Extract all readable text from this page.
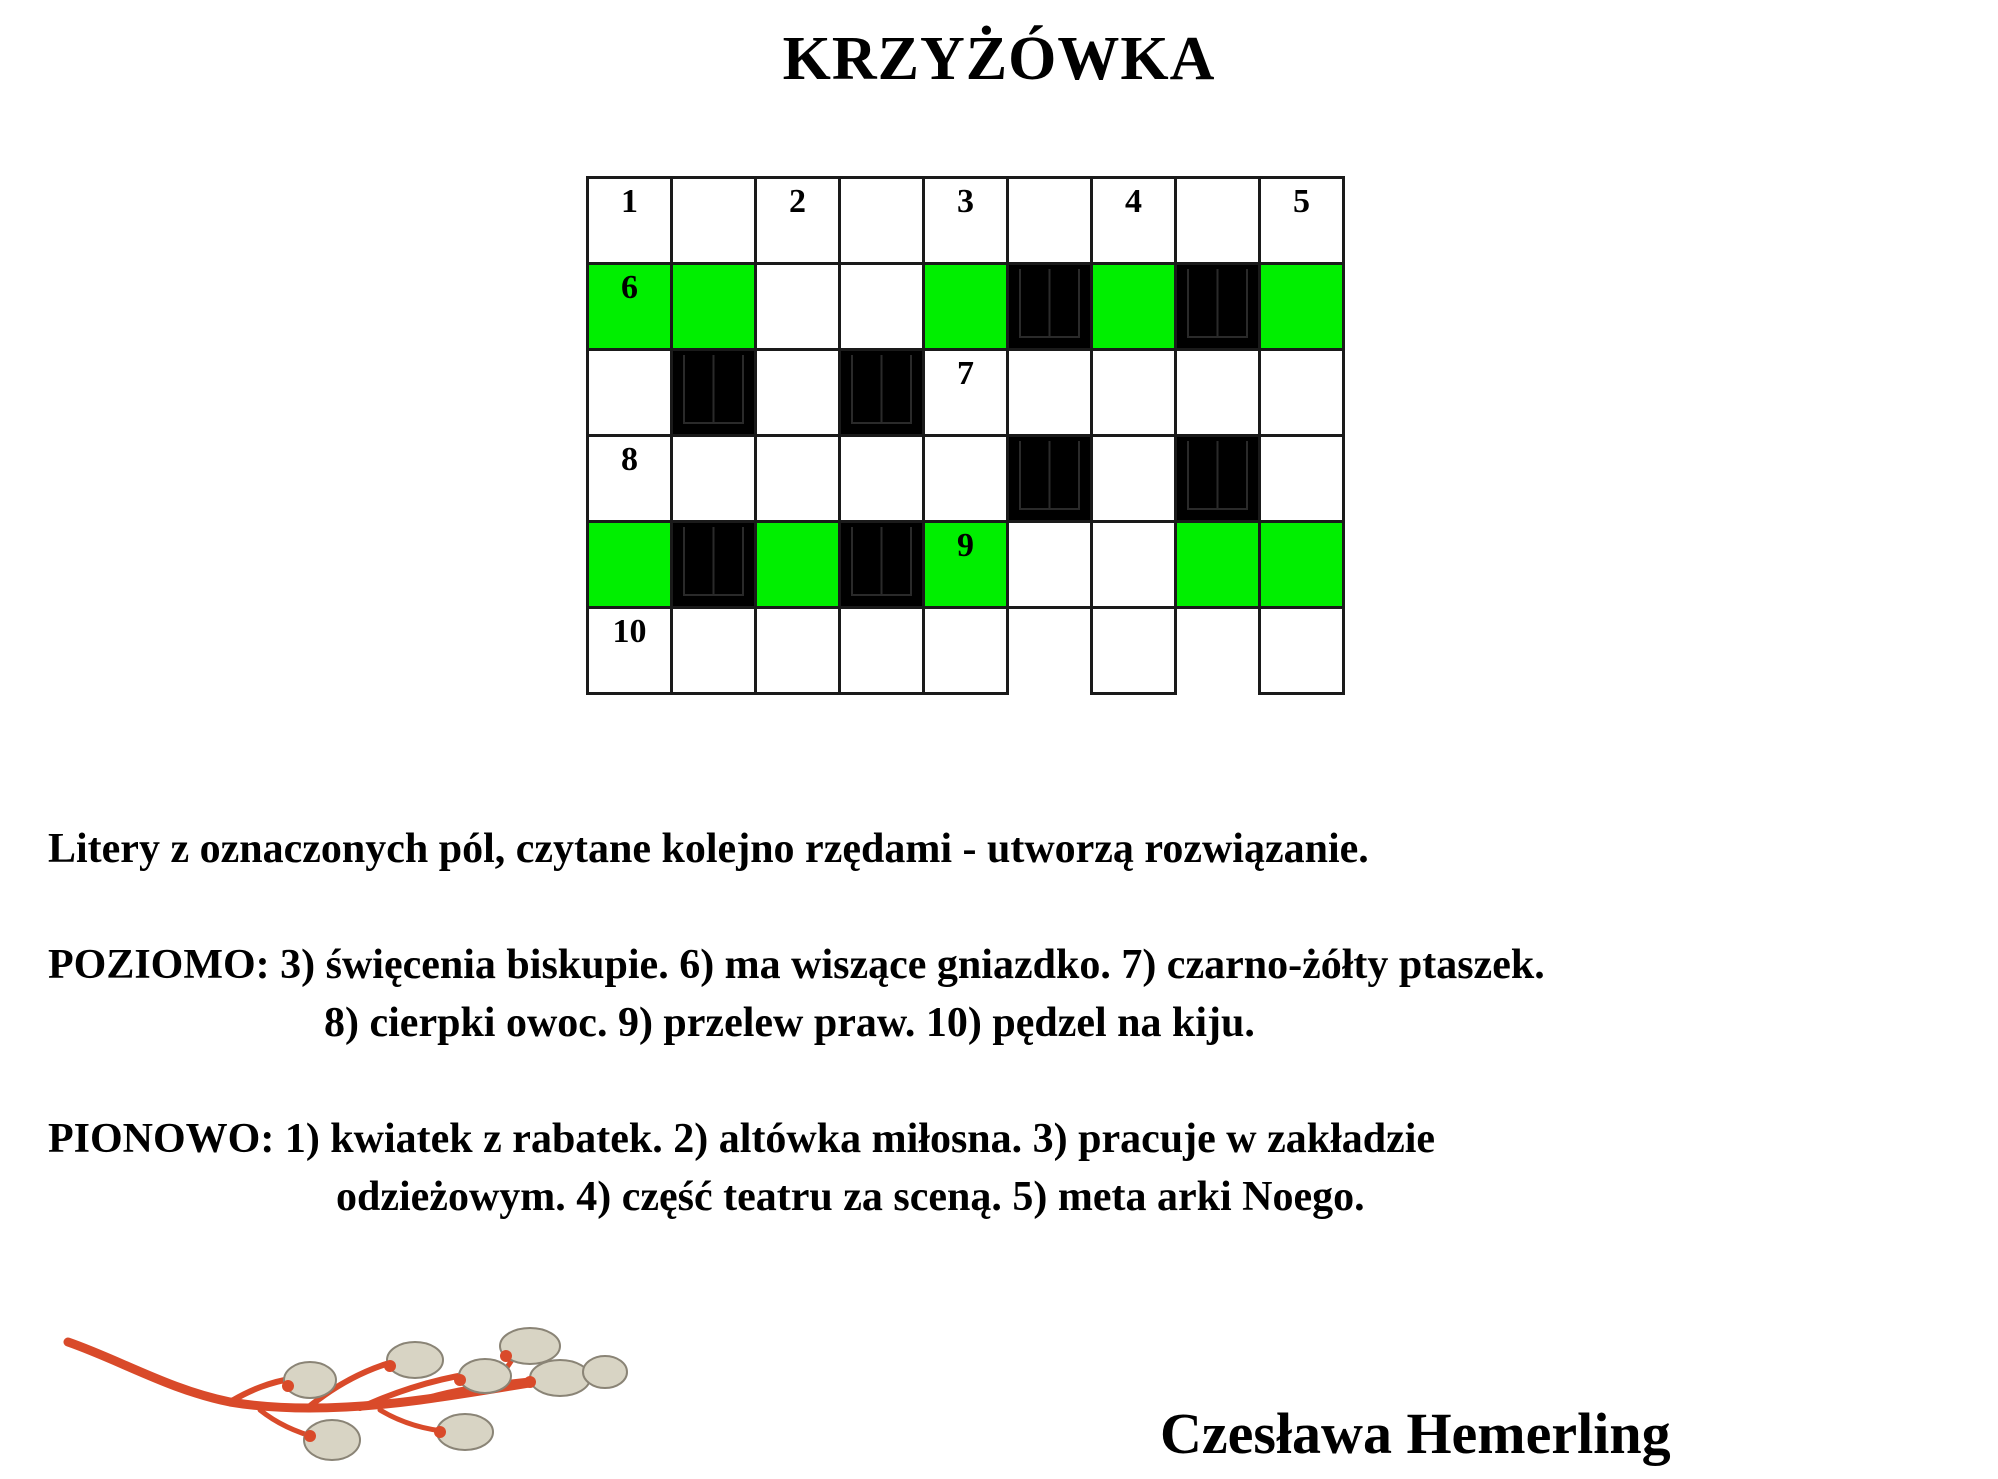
KRZYŻÓWKA
1	2	3	4	5
6
7
8
9
10
Litery z oznaczonych pól, czytane kolejno rzędami - utworzą rozwiązanie.
POZIOMO: 3) święcenia biskupie. 6) ma wiszące gniazdko. 7) czarno-żółty ptaszek.
8) cierpki owoc. 9) przelew praw. 10) pędzel na kiju.
PIONOWO: 1) kwiatek z rabatek. 2) altówka miłosna. 3) pracuje w zakładzie
odzieżowym. 4) część teatru za sceną. 5) meta arki Noego.
Czesława Hemerling
